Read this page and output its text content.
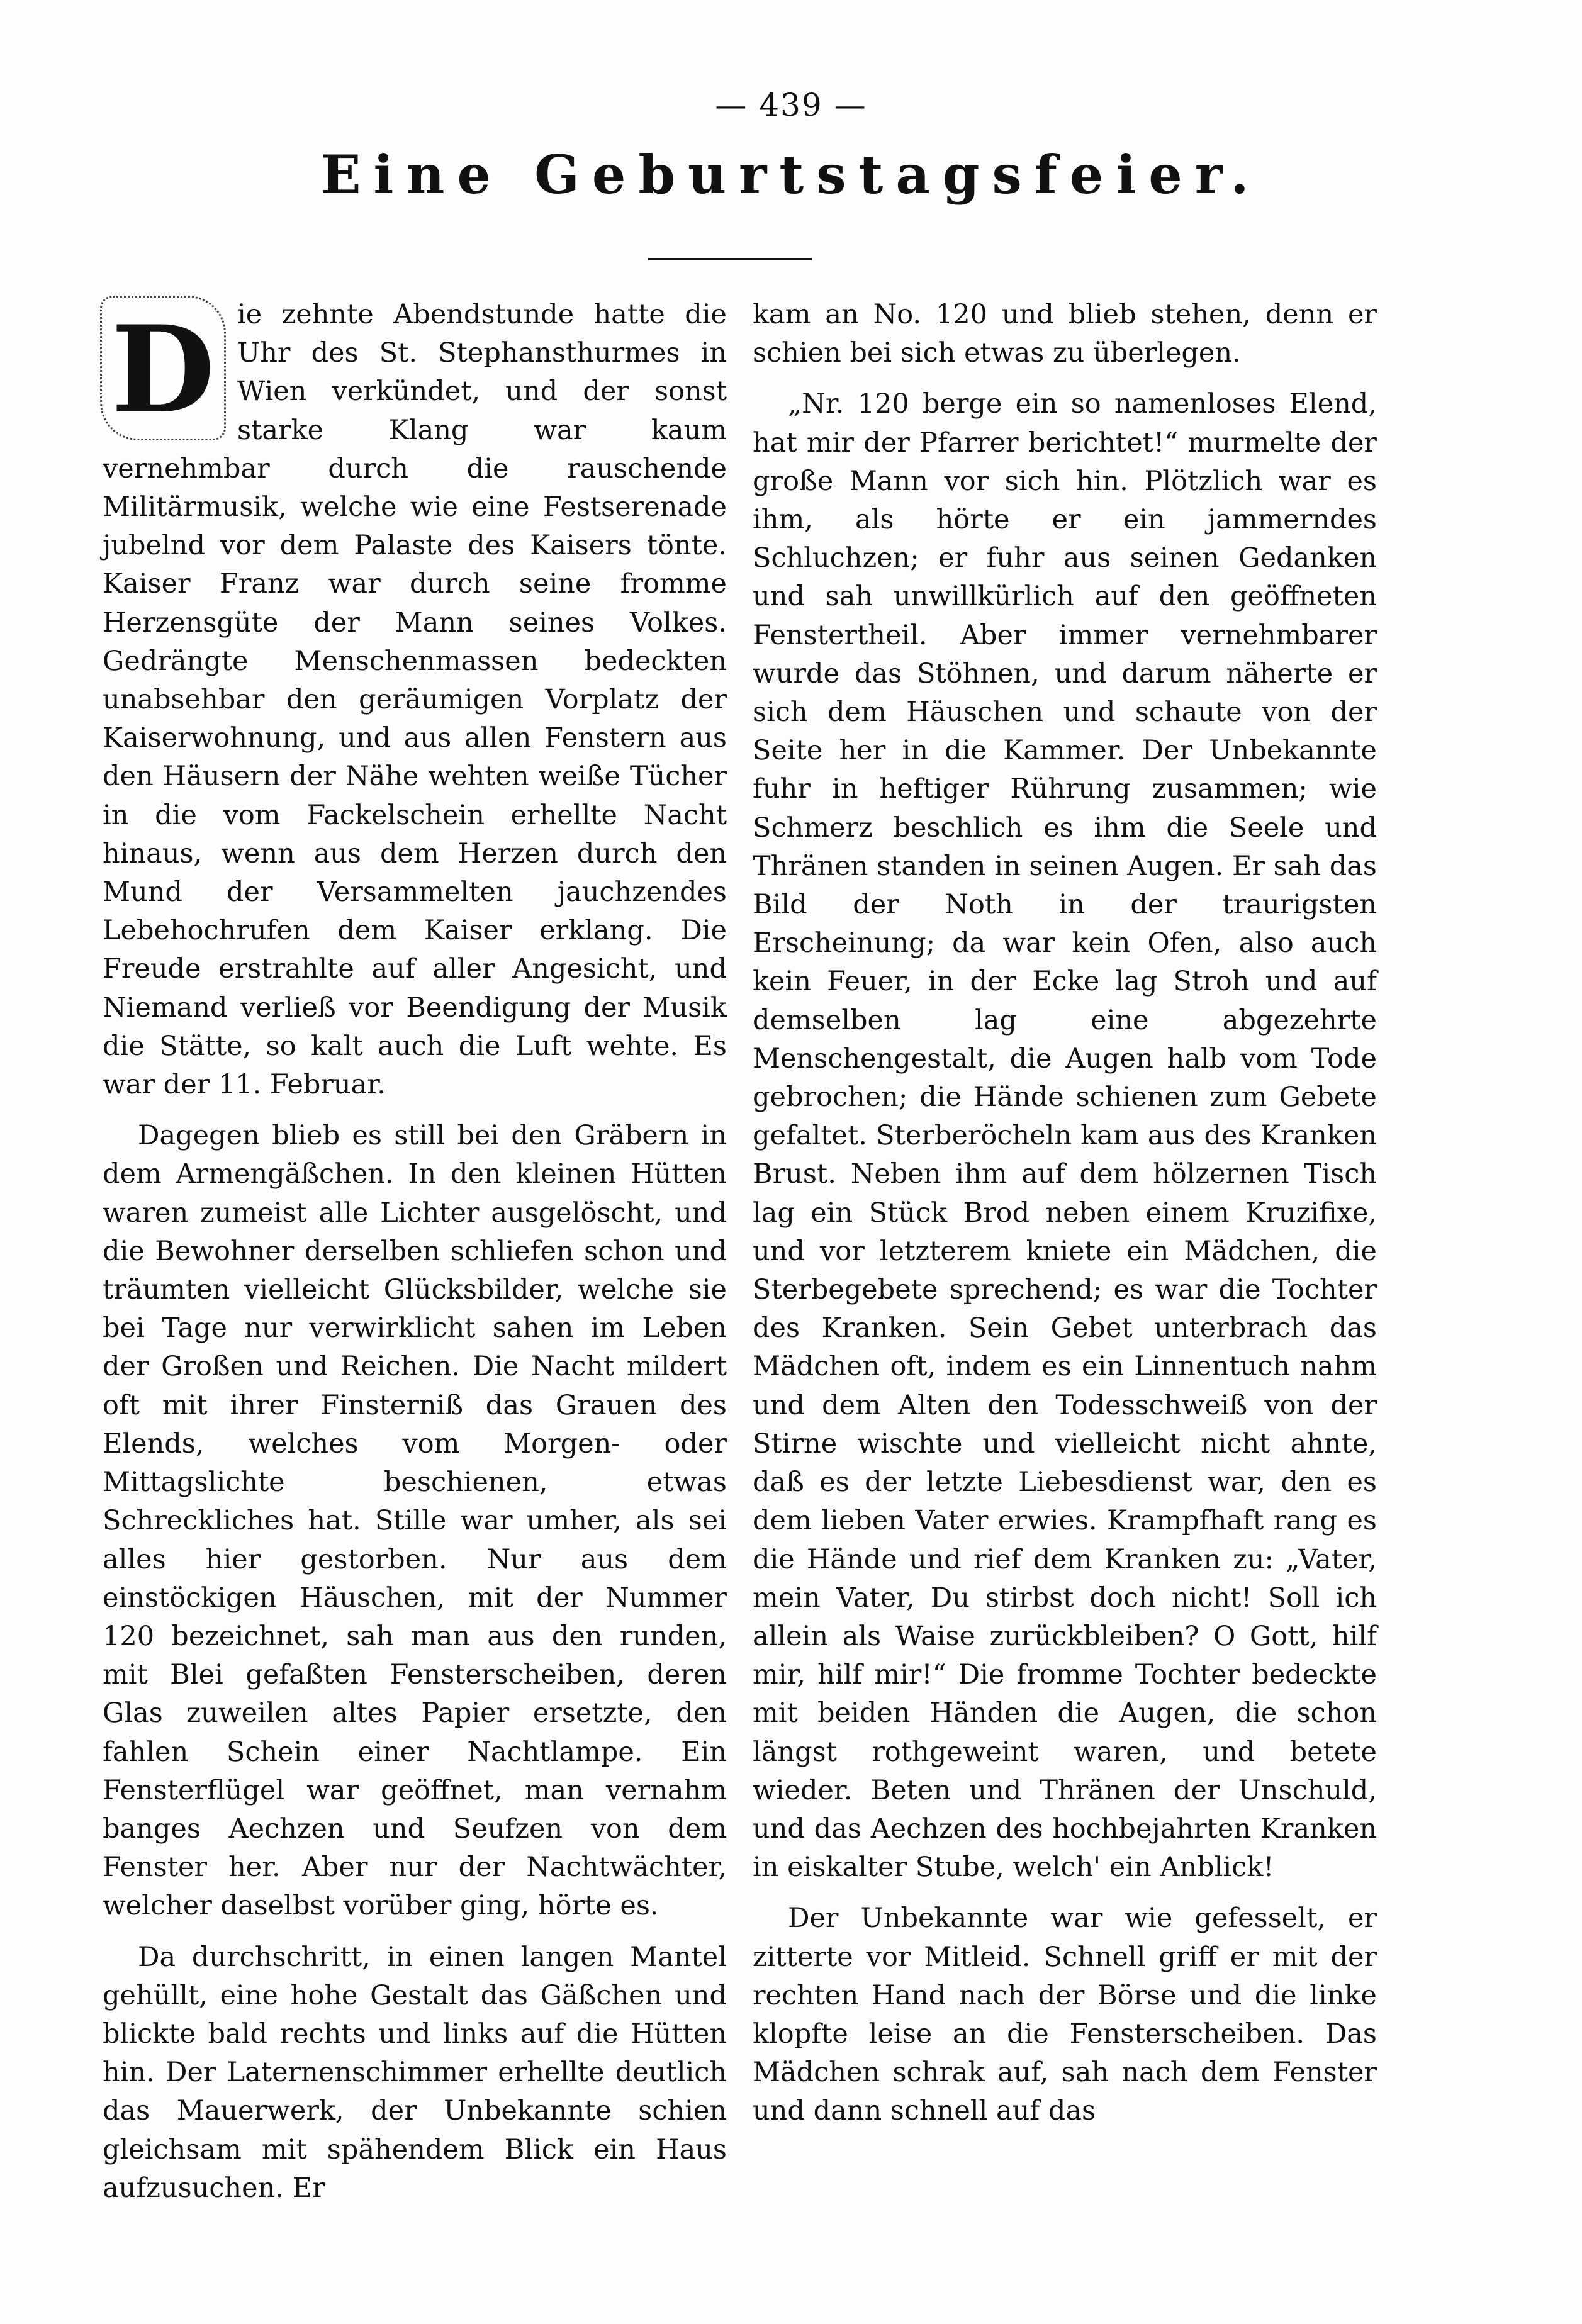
— 439 —
Eine Geburtstagsfeier.

D ie zehnte Abendstunde hatte die Uhr des St. Stephansthurmes in Wien verkündet, und der sonst starke Klang war kaum vernehmbar durch die rauschende Militärmusik, welche wie eine Festserenade jubelnd vor dem Palaste des Kaisers tönte. Kaiser Franz war durch seine fromme Herzensgüte der Mann seines Volkes. Gedrängte Menschenmassen bedeckten unabsehbar den geräumigen Vorplatz der Kaiserwohnung, und aus allen Fenstern aus den Häusern der Nähe wehten weiße Tücher in die vom Fackelschein erhellte Nacht hinaus, wenn aus dem Herzen durch den Mund der Versammelten jauchzendes Lebehochrufen dem Kaiser erklang. Die Freude erstrahlte auf aller Angesicht, und Niemand verließ vor Beendigung der Musik die Stätte, so kalt auch die Luft wehte. Es war der 11. Februar.

Dagegen blieb es still bei den Gräbern in dem Armengäßchen. In den kleinen Hütten waren zumeist alle Lichter ausgelöscht, und die Bewohner derselben schliefen schon und träumten vielleicht Glücksbilder, welche sie bei Tage nur verwirklicht sahen im Leben der Großen und Reichen. Die Nacht mildert oft mit ihrer Finsterniß das Grauen des Elends, welches vom Morgen- oder Mittagslichte beschienen, etwas Schreckliches hat. Stille war umher, als sei alles hier gestorben. Nur aus dem einstöckigen Häuschen, mit der Nummer 120 bezeichnet, sah man aus den runden, mit Blei gefaßten Fensterscheiben, deren Glas zuweilen altes Papier ersetzte, den fahlen Schein einer Nachtlampe. Ein Fensterflügel war geöffnet, man vernahm banges Aechzen und Seufzen von dem Fenster her. Aber nur der Nachtwächter, welcher daselbst vorüber ging, hörte es.

Da durchschritt, in einen langen Mantel gehüllt, eine hohe Gestalt das Gäßchen und blickte bald rechts und links auf die Hütten hin. Der Laternenschimmer erhellte deutlich das Mauerwerk, der Unbekannte schien gleichsam mit spähendem Blick ein Haus aufzusuchen. Er

kam an No. 120 und blieb stehen, denn er schien bei sich etwas zu überlegen.

„Nr. 120 berge ein so namenloses Elend, hat mir der Pfarrer berichtet!“ murmelte der große Mann vor sich hin. Plötzlich war es ihm, als hörte er ein jammerndes Schluchzen; er fuhr aus seinen Gedanken und sah unwillkürlich auf den geöffneten Fenstertheil. Aber immer vernehmbarer wurde das Stöhnen, und darum näherte er sich dem Häuschen und schaute von der Seite her in die Kammer. Der Unbekannte fuhr in heftiger Rührung zusammen; wie Schmerz beschlich es ihm die Seele und Thränen standen in seinen Augen. Er sah das Bild der Noth in der traurigsten Erscheinung; da war kein Ofen, also auch kein Feuer, in der Ecke lag Stroh und auf demselben lag eine abgezehrte Menschengestalt, die Augen halb vom Tode gebrochen; die Hände schienen zum Gebete gefaltet. Sterberöcheln kam aus des Kranken Brust. Neben ihm auf dem hölzernen Tisch lag ein Stück Brod neben einem Kruzifixe, und vor letzterem kniete ein Mädchen, die Sterbegebete sprechend; es war die Tochter des Kranken. Sein Gebet unterbrach das Mädchen oft, indem es ein Linnentuch nahm und dem Alten den Todesschweiß von der Stirne wischte und vielleicht nicht ahnte, daß es der letzte Liebesdienst war, den es dem lieben Vater erwies. Krampfhaft rang es die Hände und rief dem Kranken zu: „Vater, mein Vater, Du stirbst doch nicht! Soll ich allein als Waise zurückbleiben? O Gott, hilf mir, hilf mir!“ Die fromme Tochter bedeckte mit beiden Händen die Augen, die schon längst rothgeweint waren, und betete wieder. Beten und Thränen der Unschuld, und das Aechzen des hochbejahrten Kranken in eiskalter Stube, welch' ein Anblick!

Der Unbekannte war wie gefesselt, er zitterte vor Mitleid. Schnell griff er mit der rechten Hand nach der Börse und die linke klopfte leise an die Fensterscheiben. Das Mädchen schrak auf, sah nach dem Fenster und dann schnell auf das
